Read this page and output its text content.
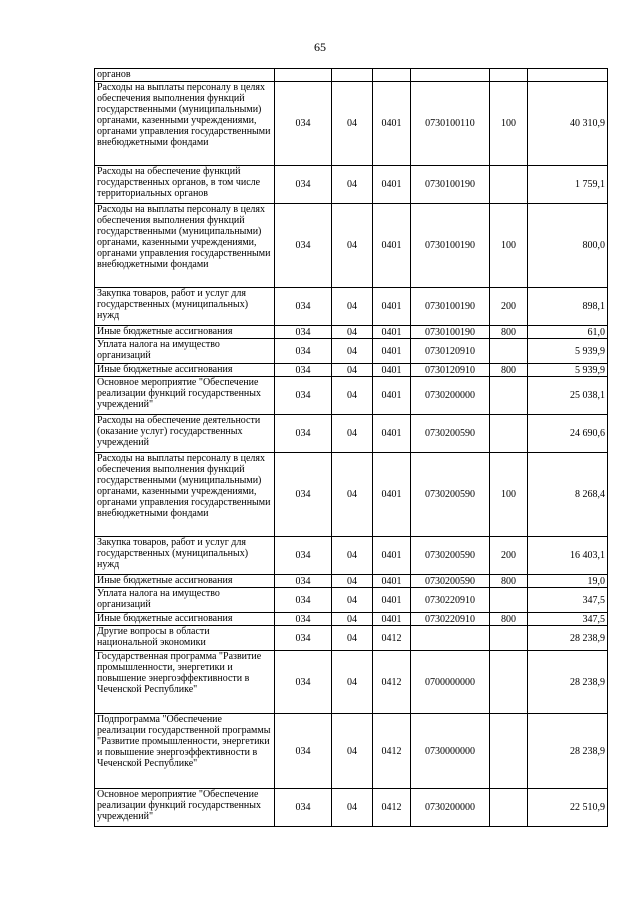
65
органов						
Расходы на выплаты персоналу в целях обеспечения выполнения функций государственными (муниципальными) органами, казенными учреждениями, органами управления государственными внебюджетными фондами	034	04	0401	0730100110	100	40 310,9
Расходы на обеспечение функций государственных органов, в том числе территориальных органов	034	04	0401	0730100190		1 759,1
Расходы на выплаты персоналу в целях обеспечения выполнения функций государственными (муниципальными) органами, казенными учреждениями, органами управления государственными внебюджетными фондами	034	04	0401	0730100190	100	800,0
Закупка товаров, работ и услуг для государственных (муниципальных) нужд	034	04	0401	0730100190	200	898,1
Иные бюджетные ассигнования	034	04	0401	0730100190	800	61,0
Уплата налога на имущество организаций	034	04	0401	0730120910		5 939,9
Иные бюджетные ассигнования	034	04	0401	0730120910	800	5 939,9
Основное мероприятие "Обеспечение реализации функций государственных учреждений"	034	04	0401	0730200000		25 038,1
Расходы на обеспечение деятельности (оказание услуг) государственных учреждений	034	04	0401	0730200590		24 690,6
Расходы на выплаты персоналу в целях обеспечения выполнения функций государственными (муниципальными) органами, казенными учреждениями, органами управления государственными внебюджетными фондами	034	04	0401	0730200590	100	8 268,4
Закупка товаров, работ и услуг для государственных (муниципальных) нужд	034	04	0401	0730200590	200	16 403,1
Иные бюджетные ассигнования	034	04	0401	0730200590	800	19,0
Уплата налога на имущество организаций	034	04	0401	0730220910		347,5
Иные бюджетные ассигнования	034	04	0401	0730220910	800	347,5
Другие вопросы в области национальной экономики	034	04	0412			28 238,9
Государственная программа "Развитие промышленности, энергетики и повышение энергоэффективности в Чеченской Республике"	034	04	0412	0700000000		28 238,9
Подпрограмма "Обеспечение реализации государственной программы "Развитие промышленности, энергетики и повышение энергоэффективности в Чеченской Республике"	034	04	0412	0730000000		28 238,9
Основное мероприятие "Обеспечение реализации функций государственных учреждений"	034	04	0412	0730200000		22 510,9
